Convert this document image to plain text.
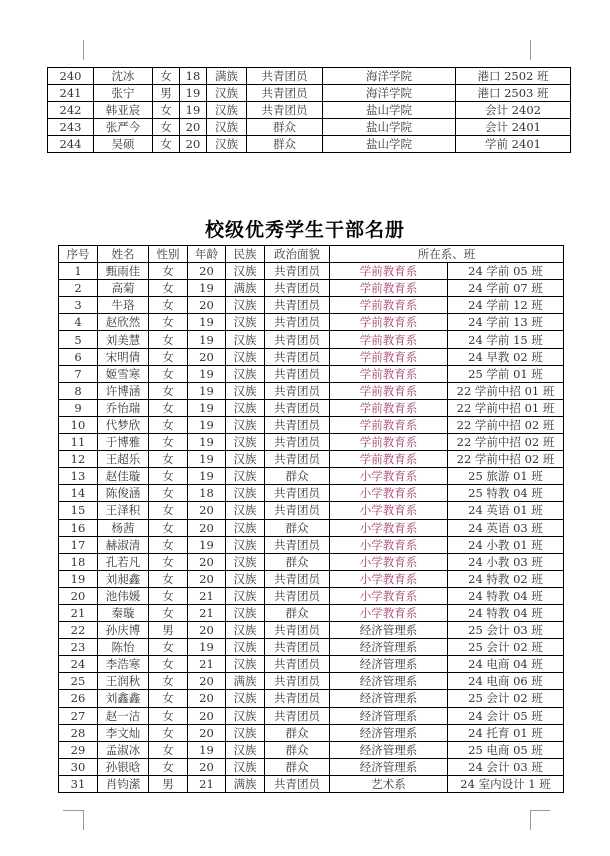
240	沈冰	女	18	满族	共青团员	海洋学院	港口 2502 班
241	张宁	男	19	汉族	共青团员	海洋学院	港口 2503 班
242	韩亚宸	女	19	汉族	共青团员	盐山学院	会计 2402
243	张严今	女	20	汉族	群众	盐山学院	会计 2401
244	吴硕	女	20	汉族	群众	盐山学院	学前 2401
校级优秀学生干部名册
序号	姓名	性别	年龄	民族	政治面貌	所在系、班	
1	甄雨佳	女	20	汉族	共青团员	学前教育系	24 学前 05 班
2	高菊	女	19	满族	共青团员	学前教育系	24 学前 07 班
3	牛珞	女	20	汉族	共青团员	学前教育系	24 学前 12 班
4	赵欣然	女	19	汉族	共青团员	学前教育系	24 学前 13 班
5	刘美慧	女	19	汉族	共青团员	学前教育系	24 学前 15 班
6	宋明倩	女	20	汉族	共青团员	学前教育系	24 早教 02 班
7	姬雪寒	女	19	汉族	共青团员	学前教育系	25 学前 01 班
8	许博涵	女	19	汉族	共青团员	学前教育系	22 学前中招 01 班
9	乔怡瑞	女	19	汉族	共青团员	学前教育系	22 学前中招 01 班
10	代梦欣	女	19	汉族	共青团员	学前教育系	22 学前中招 02 班
11	于博雅	女	19	汉族	共青团员	学前教育系	22 学前中招 02 班
12	王超乐	女	19	汉族	共青团员	学前教育系	22 学前中招 02 班
13	赵佳璇	女	19	汉族	群众	小学教育系	25 旅游 01 班
14	陈俊涵	女	18	汉族	共青团员	小学教育系	25 特教 04 班
15	王泽积	女	20	汉族	共青团员	小学教育系	24 英语 01 班
16	杨茜	女	20	汉族	群众	小学教育系	24 英语 03 班
17	赫淑清	女	19	汉族	共青团员	小学教育系	24 小教 01 班
18	孔若凡	女	20	汉族	群众	小学教育系	24 小教 03 班
19	刘昶鑫	女	20	汉族	共青团员	小学教育系	24 特教 02 班
20	池伟媛	女	21	汉族	共青团员	小学教育系	24 特教 04 班
21	秦璇	女	21	汉族	群众	小学教育系	24 特教 04 班
22	孙庆博	男	20	汉族	共青团员	经济管理系	25 会计 03 班
23	陈怡	女	19	汉族	共青团员	经济管理系	25 会计 02 班
24	李浩寒	女	21	汉族	共青团员	经济管理系	24 电商 04 班
25	王润秋	女	20	满族	共青团员	经济管理系	24 电商 06 班
26	刘鑫鑫	女	20	汉族	共青团员	经济管理系	25 会计 02 班
27	赵一洁	女	20	汉族	共青团员	经济管理系	24 会计 05 班
28	李文灿	女	20	汉族	群众	经济管理系	24 托育 01 班
29	孟淑冰	女	19	汉族	群众	经济管理系	25 电商 05 班
30	孙银晗	女	20	汉族	群众	经济管理系	24 会计 03 班
31	肖钧潆	男	21	满族	共青团员	艺术系	24 室内设计 1 班
